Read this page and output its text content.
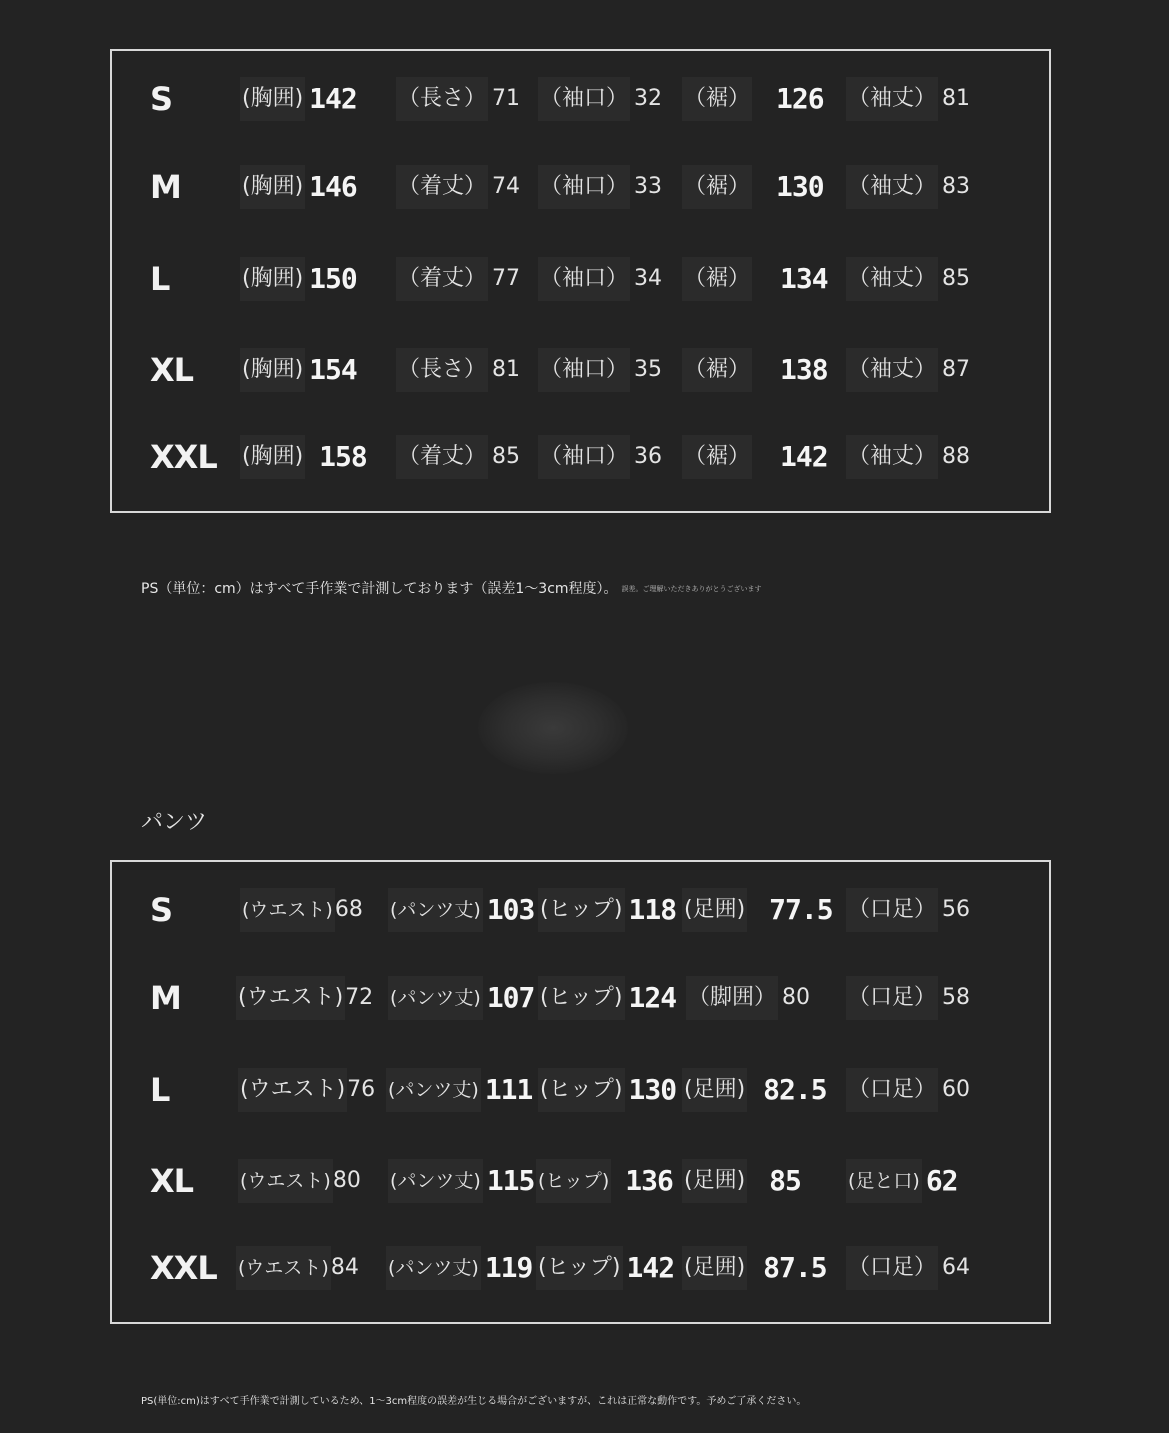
S	(胸囲) 142 （長さ） 71 （袖口） 32 （裾） 126 （袖丈） 81
M	(胸囲) 146 （着丈） 74 （袖口） 33 （裾） 130 （袖丈） 83
L	(胸囲) 150 （着丈） 77 （袖口） 34 （裾） 134 （袖丈） 85
XL (胸囲) 154 （長さ） 81 （袖口） 35 （裾） 138 （袖丈） 87
XXL (胸囲) 158 （着丈） 85 （袖口） 36 （裾） 142 （袖丈） 88
PS（単位：cm）はすべて手作業で計測しております（誤差1～3cm程度）。 誤差。ご理解いただきありがとうございます
パンツ
S	(ウエスト) 68 (パンツ丈) 103 (ヒップ) 118 (足囲) 77.5 （口足） 56
M	(ウエスト) 72 (パンツ丈) 107 (ヒップ) 124 （脚囲） 80 （口足） 58
L	(ウエスト) 76 (パンツ丈) 111 (ヒップ) 130 (足囲) 82.5 （口足） 60
XL (ウエスト) 80 (パンツ丈) 115 (ヒップ) 136 (足囲) 85 (足と口) 62
XXL (ウエスト) 84 (パンツ丈) 119 (ヒップ) 142 (足囲) 87.5 （口足） 64
PS(単位:cm)はすべて手作業で計測しているため、1～3cm程度の誤差が生じる場合がございますが、これは正常な動作です。予めご了承ください。
